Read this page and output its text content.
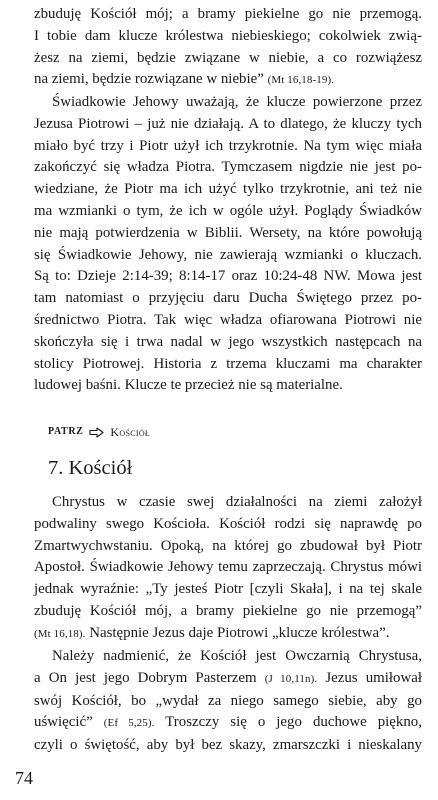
zbuduję Kościół mój; a bramy piekielne go nie przemogą.
I tobie dam klucze królestwa niebieskiego; cokolwiek zwią-
żesz na ziemi, będzie związane w niebie, a co rozwiążesz
na ziemi, będzie rozwiązane w niebie” (Mt 16,18-19).
Świadkowie Jehowy uważają, że klucze powierzone przez
Jezusa Piotrowi – już nie działają. A to dlatego, że kluczy tych
miało być trzy i Piotr użył ich trzykrotnie. Na tym więc miała
zakończyć się władza Piotra. Tymczasem nigdzie nie jest po-
wiedziane, że Piotr ma ich użyć tylko trzykrotnie, ani też nie
ma wzmianki o tym, że ich w ogóle użył. Poglądy Świadków
nie mają potwierdzenia w Biblii. Wersety, na które powołują
się Świadkowie Jehowy, nie zawierają wzmianki o kluczach.
Są to: Dzieje 2:14-39; 8:14-17 oraz 10:24-48 NW. Mowa jest
tam natomiast o przyjęciu daru Ducha Świętego przez po-
średnictwo Piotra. Tak więc władza ofiarowana Piotrowi nie
skończyła się i trwa nadal w jego wszystkich następcach na
stolicy Piotrowej. Historia z trzema kluczami ma charakter
ludowej baśni. Klucze te przecież nie są materialne.
PATRZ Kościół
7. Kościół
Chrystus w czasie swej działalności na ziemi założył
podwaliny swego Kościoła. Kościół rodzi się naprawdę po
Zmartwychwstaniu. Opoką, na której go zbudował był Piotr
Apostoł. Świadkowie Jehowy temu zaprzeczają. Chrystus mówi
jednak wyraźnie: „Ty jesteś Piotr [czyli Skała], i na tej skale
zbuduję Kościół mój, a bramy piekielne go nie przemogą”
(Mt 16,18). Następnie Jezus daje Piotrowi „klucze królestwa”.
Należy nadmienić, że Kościół jest Owczarnią Chrystusa,
a On jest jego Dobrym Pasterzem (J 10,11n). Jezus umiłował
swój Kościół, bo „wydał za niego samego siebie, aby go
uświęcić” (Ef 5,25). Troszczy się o jego duchowe piękno,
czyli o świętość, aby był bez skazy, zmarszczki i nieskalany
74
